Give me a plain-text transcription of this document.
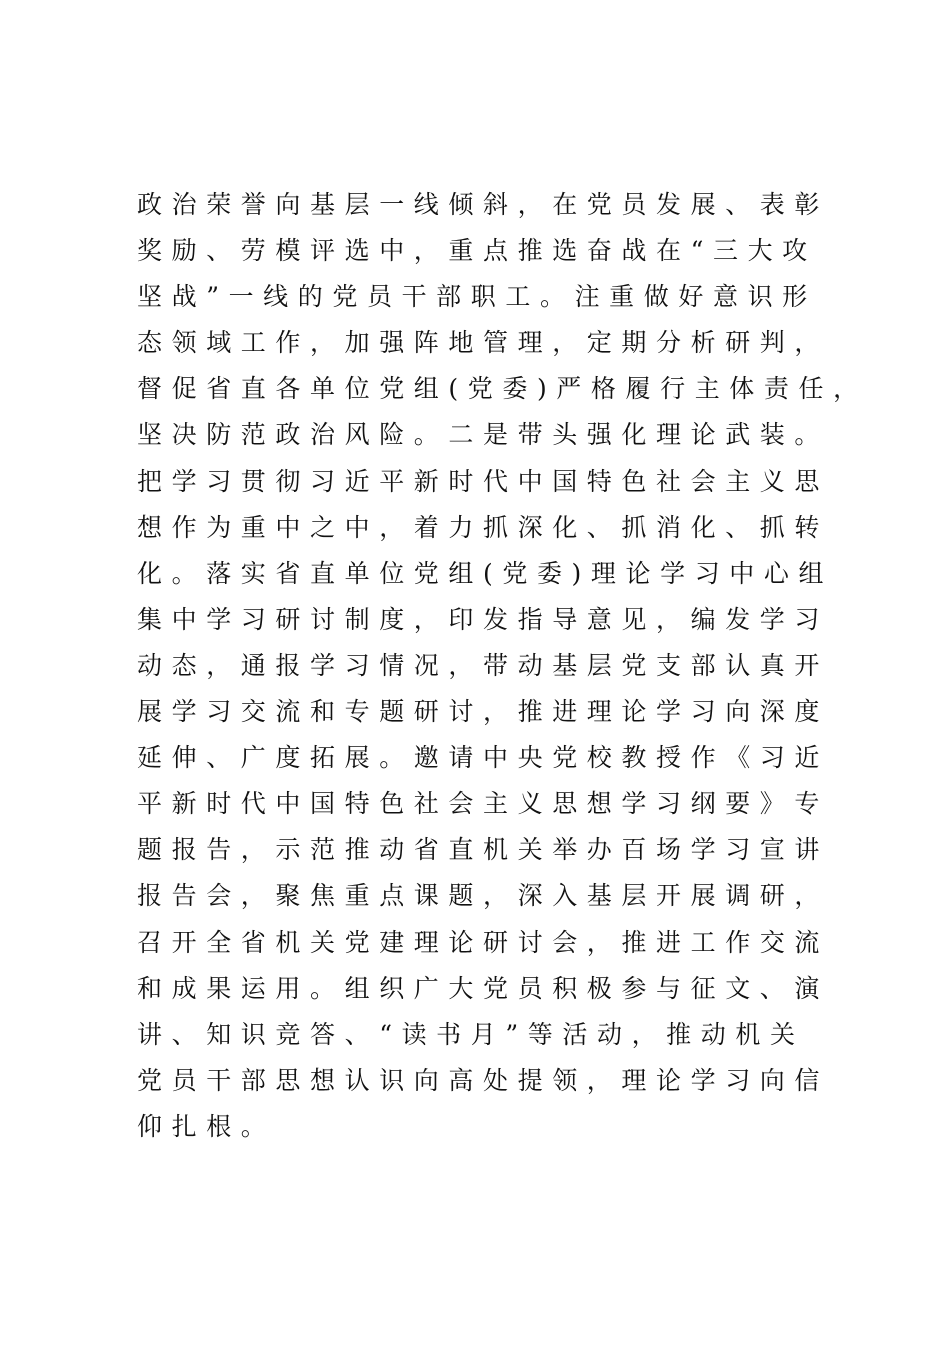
政治荣誉向基层一线倾斜，在党员发展、表彰
奖励、劳模评选中，重点推选奋战在“三大攻
坚战”一线的党员干部职工。注重做好意识形
态领域工作，加强阵地管理，定期分析研判，
督促省直各单位党组(党委)严格履行主体责任，
坚决防范政治风险。二是带头强化理论武装。
把学习贯彻习近平新时代中国特色社会主义思
想作为重中之中，着力抓深化、抓消化、抓转
化。落实省直单位党组(党委)理论学习中心组
集中学习研讨制度，印发指导意见，编发学习
动态，通报学习情况，带动基层党支部认真开
展学习交流和专题研讨，推进理论学习向深度
延伸、广度拓展。邀请中央党校教授作《习近
平新时代中国特色社会主义思想学习纲要》专
题报告，示范推动省直机关举办百场学习宣讲
报告会，聚焦重点课题，深入基层开展调研，
召开全省机关党建理论研讨会，推进工作交流
和成果运用。组织广大党员积极参与征文、演
讲、知识竞答、“读书月”等活动，推动机关
党员干部思想认识向高处提领，理论学习向信
仰扎根。
